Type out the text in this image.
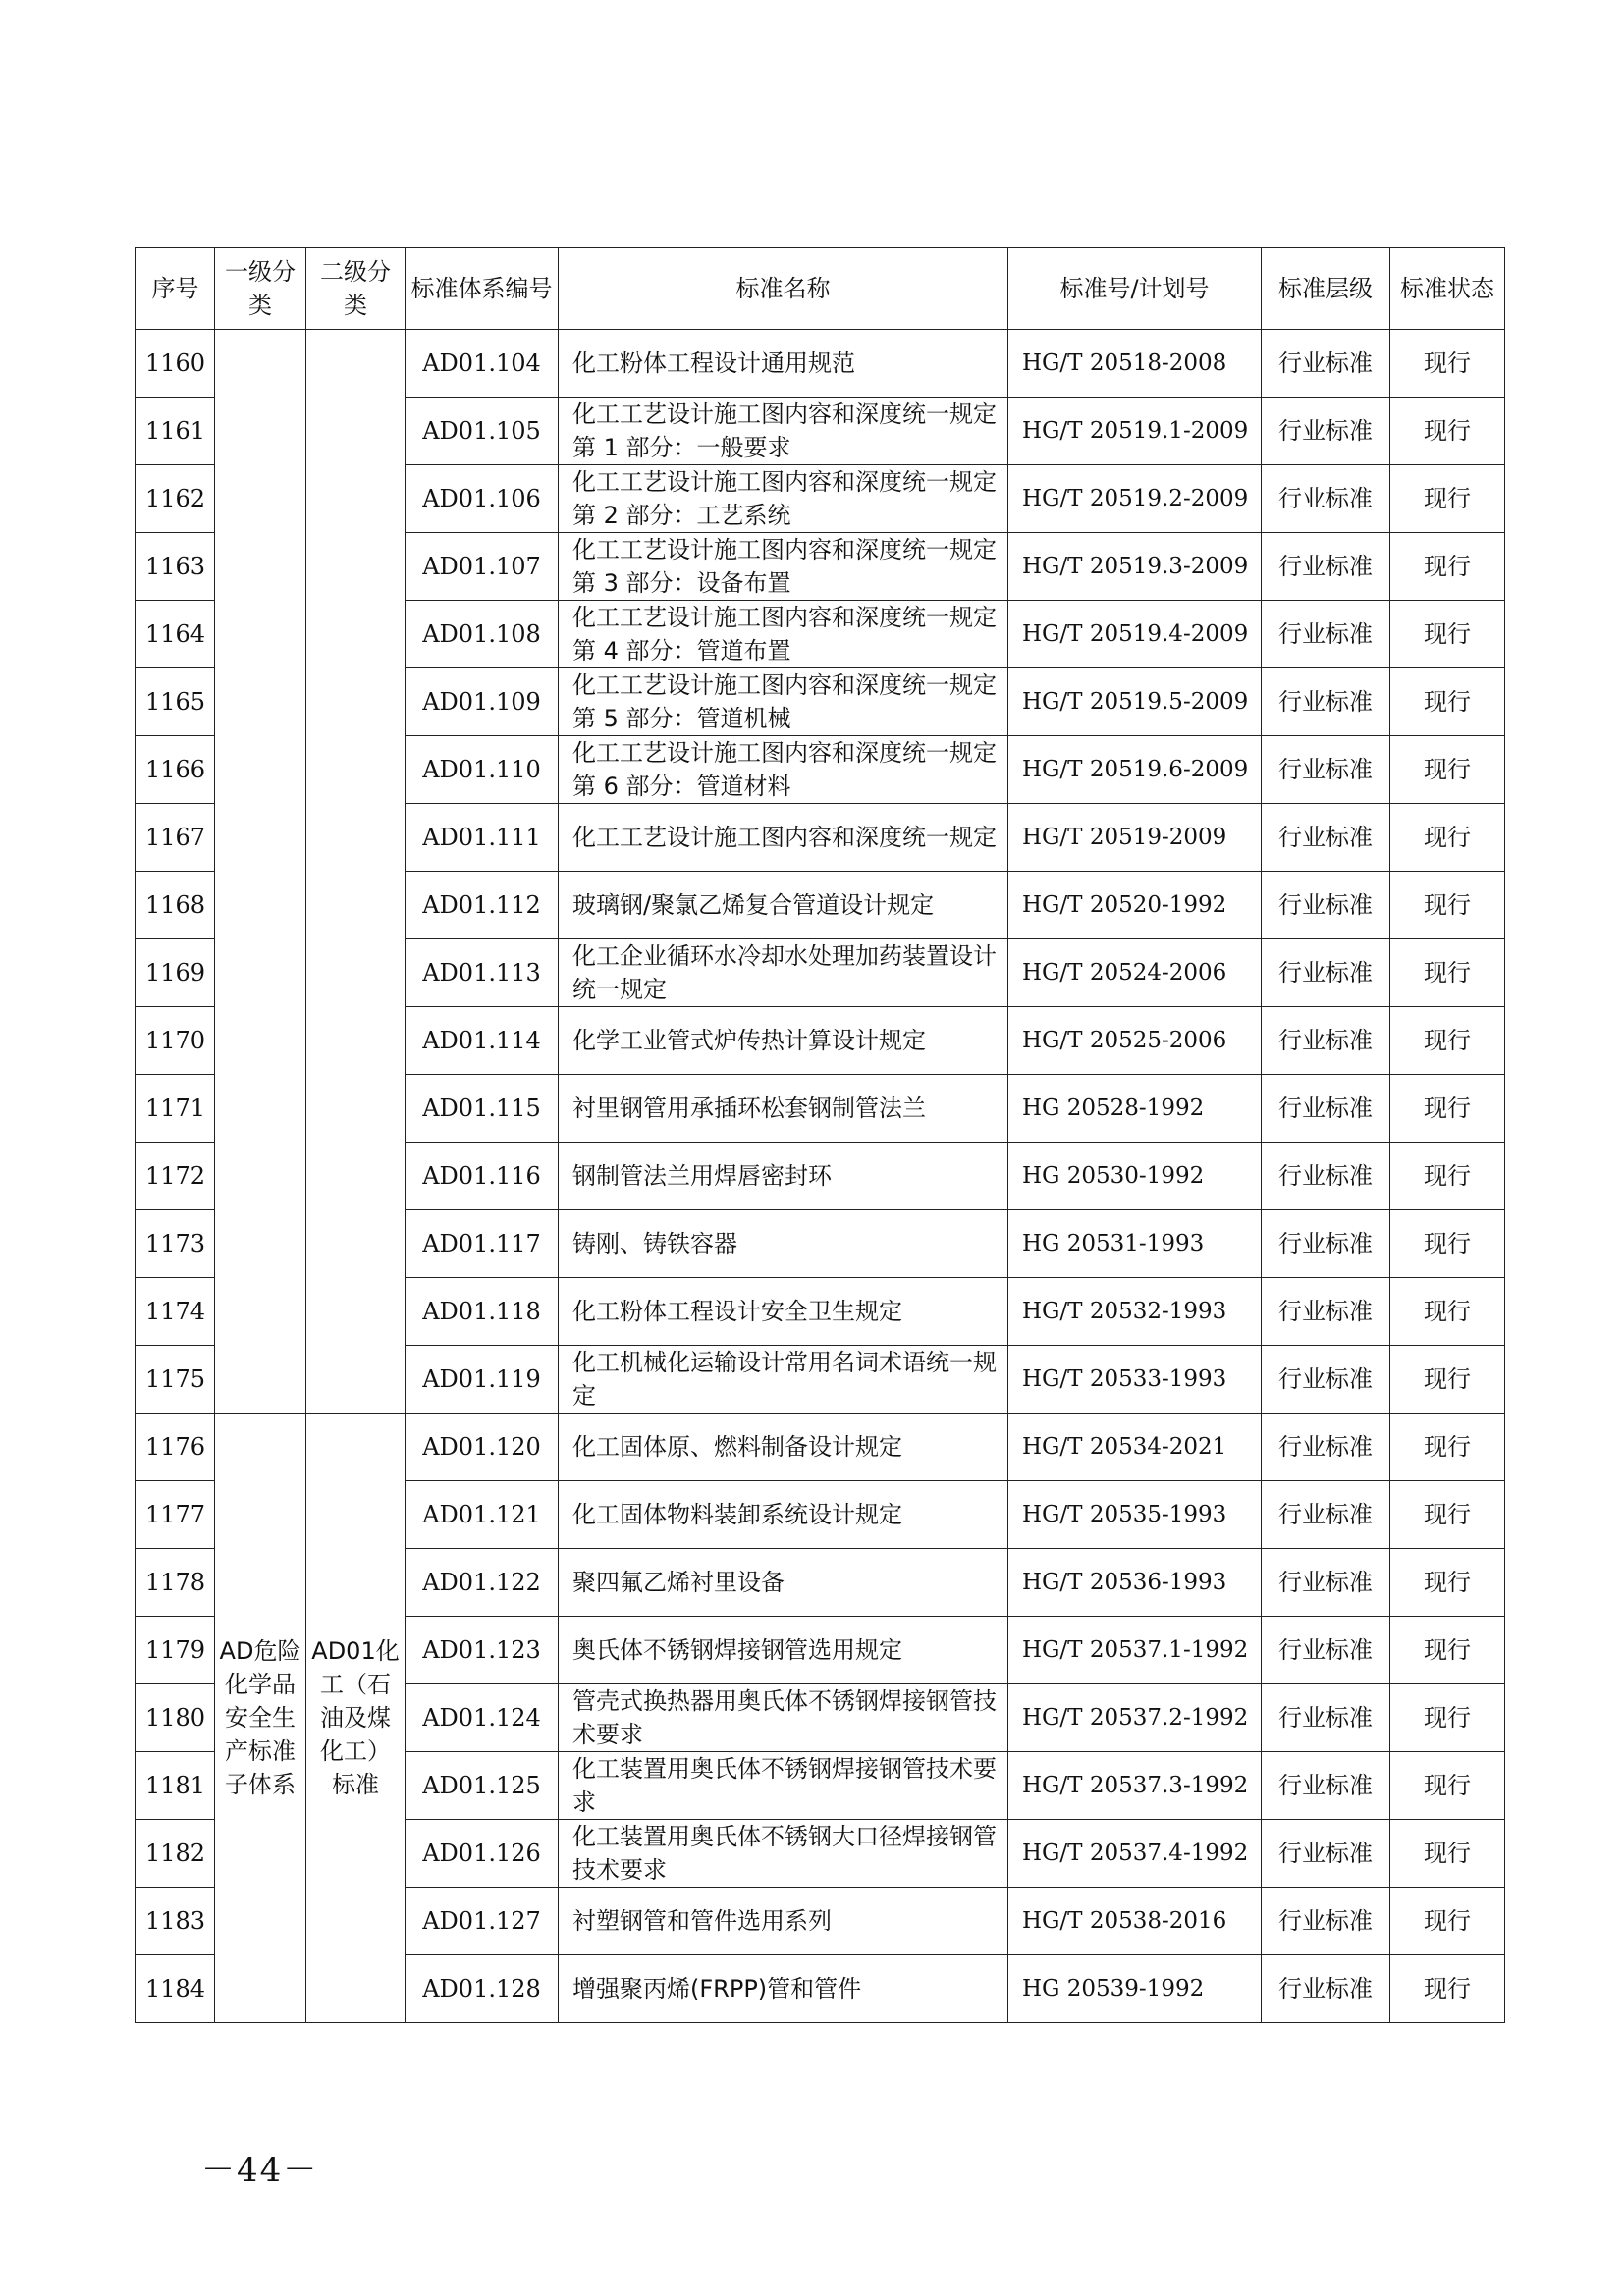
序号	一级分类	二级分类	标准体系编号	标准名称	标准号/计划号	标准层级	标准状态
1160			AD01.104	化工粉体工程设计通用规范	HG/T 20518-2008	行业标准	现行
1161			AD01.105	化工工艺设计施工图内容和深度统一规定 第 1 部分：一般要求	HG/T 20519.1-2009	行业标准	现行
1162			AD01.106	化工工艺设计施工图内容和深度统一规定 第 2 部分：工艺系统	HG/T 20519.2-2009	行业标准	现行
1163			AD01.107	化工工艺设计施工图内容和深度统一规定 第 3 部分：设备布置	HG/T 20519.3-2009	行业标准	现行
1164			AD01.108	化工工艺设计施工图内容和深度统一规定 第 4 部分：管道布置	HG/T 20519.4-2009	行业标准	现行
1165			AD01.109	化工工艺设计施工图内容和深度统一规定 第 5 部分：管道机械	HG/T 20519.5-2009	行业标准	现行
1166			AD01.110	化工工艺设计施工图内容和深度统一规定 第 6 部分：管道材料	HG/T 20519.6-2009	行业标准	现行
1167			AD01.111	化工工艺设计施工图内容和深度统一规定	HG/T 20519-2009	行业标准	现行
1168			AD01.112	玻璃钢/聚氯乙烯复合管道设计规定	HG/T 20520-1992	行业标准	现行
1169			AD01.113	化工企业循环水冷却水处理加药装置设计统一规定	HG/T 20524-2006	行业标准	现行
1170			AD01.114	化学工业管式炉传热计算设计规定	HG/T 20525-2006	行业标准	现行
1171			AD01.115	衬里钢管用承插环松套钢制管法兰	HG 20528-1992	行业标准	现行
1172			AD01.116	钢制管法兰用焊唇密封环	HG 20530-1992	行业标准	现行
1173			AD01.117	铸刚、铸铁容器	HG 20531-1993	行业标准	现行
1174			AD01.118	化工粉体工程设计安全卫生规定	HG/T 20532-1993	行业标准	现行
1175			AD01.119	化工机械化运输设计常用名词术语统一规定	HG/T 20533-1993	行业标准	现行
1176	AD危险化学品安全生产标准子体系	AD01化工（石油及煤化工）标准	AD01.120	化工固体原、燃料制备设计规定	HG/T 20534-2021	行业标准	现行
1177			AD01.121	化工固体物料装卸系统设计规定	HG/T 20535-1993	行业标准	现行
1178			AD01.122	聚四氟乙烯衬里设备	HG/T 20536-1993	行业标准	现行
1179			AD01.123	奥氏体不锈钢焊接钢管选用规定	HG/T 20537.1-1992	行业标准	现行
1180			AD01.124	管壳式换热器用奥氏体不锈钢焊接钢管技术要求	HG/T 20537.2-1992	行业标准	现行
1181			AD01.125	化工装置用奥氏体不锈钢焊接钢管技术要求	HG/T 20537.3-1992	行业标准	现行
1182			AD01.126	化工装置用奥氏体不锈钢大口径焊接钢管技术要求	HG/T 20537.4-1992	行业标准	现行
1183			AD01.127	衬塑钢管和管件选用系列	HG/T 20538-2016	行业标准	现行
1184			AD01.128	增强聚丙烯(FRPP)管和管件	HG 20539-1992	行业标准	现行
－44－
